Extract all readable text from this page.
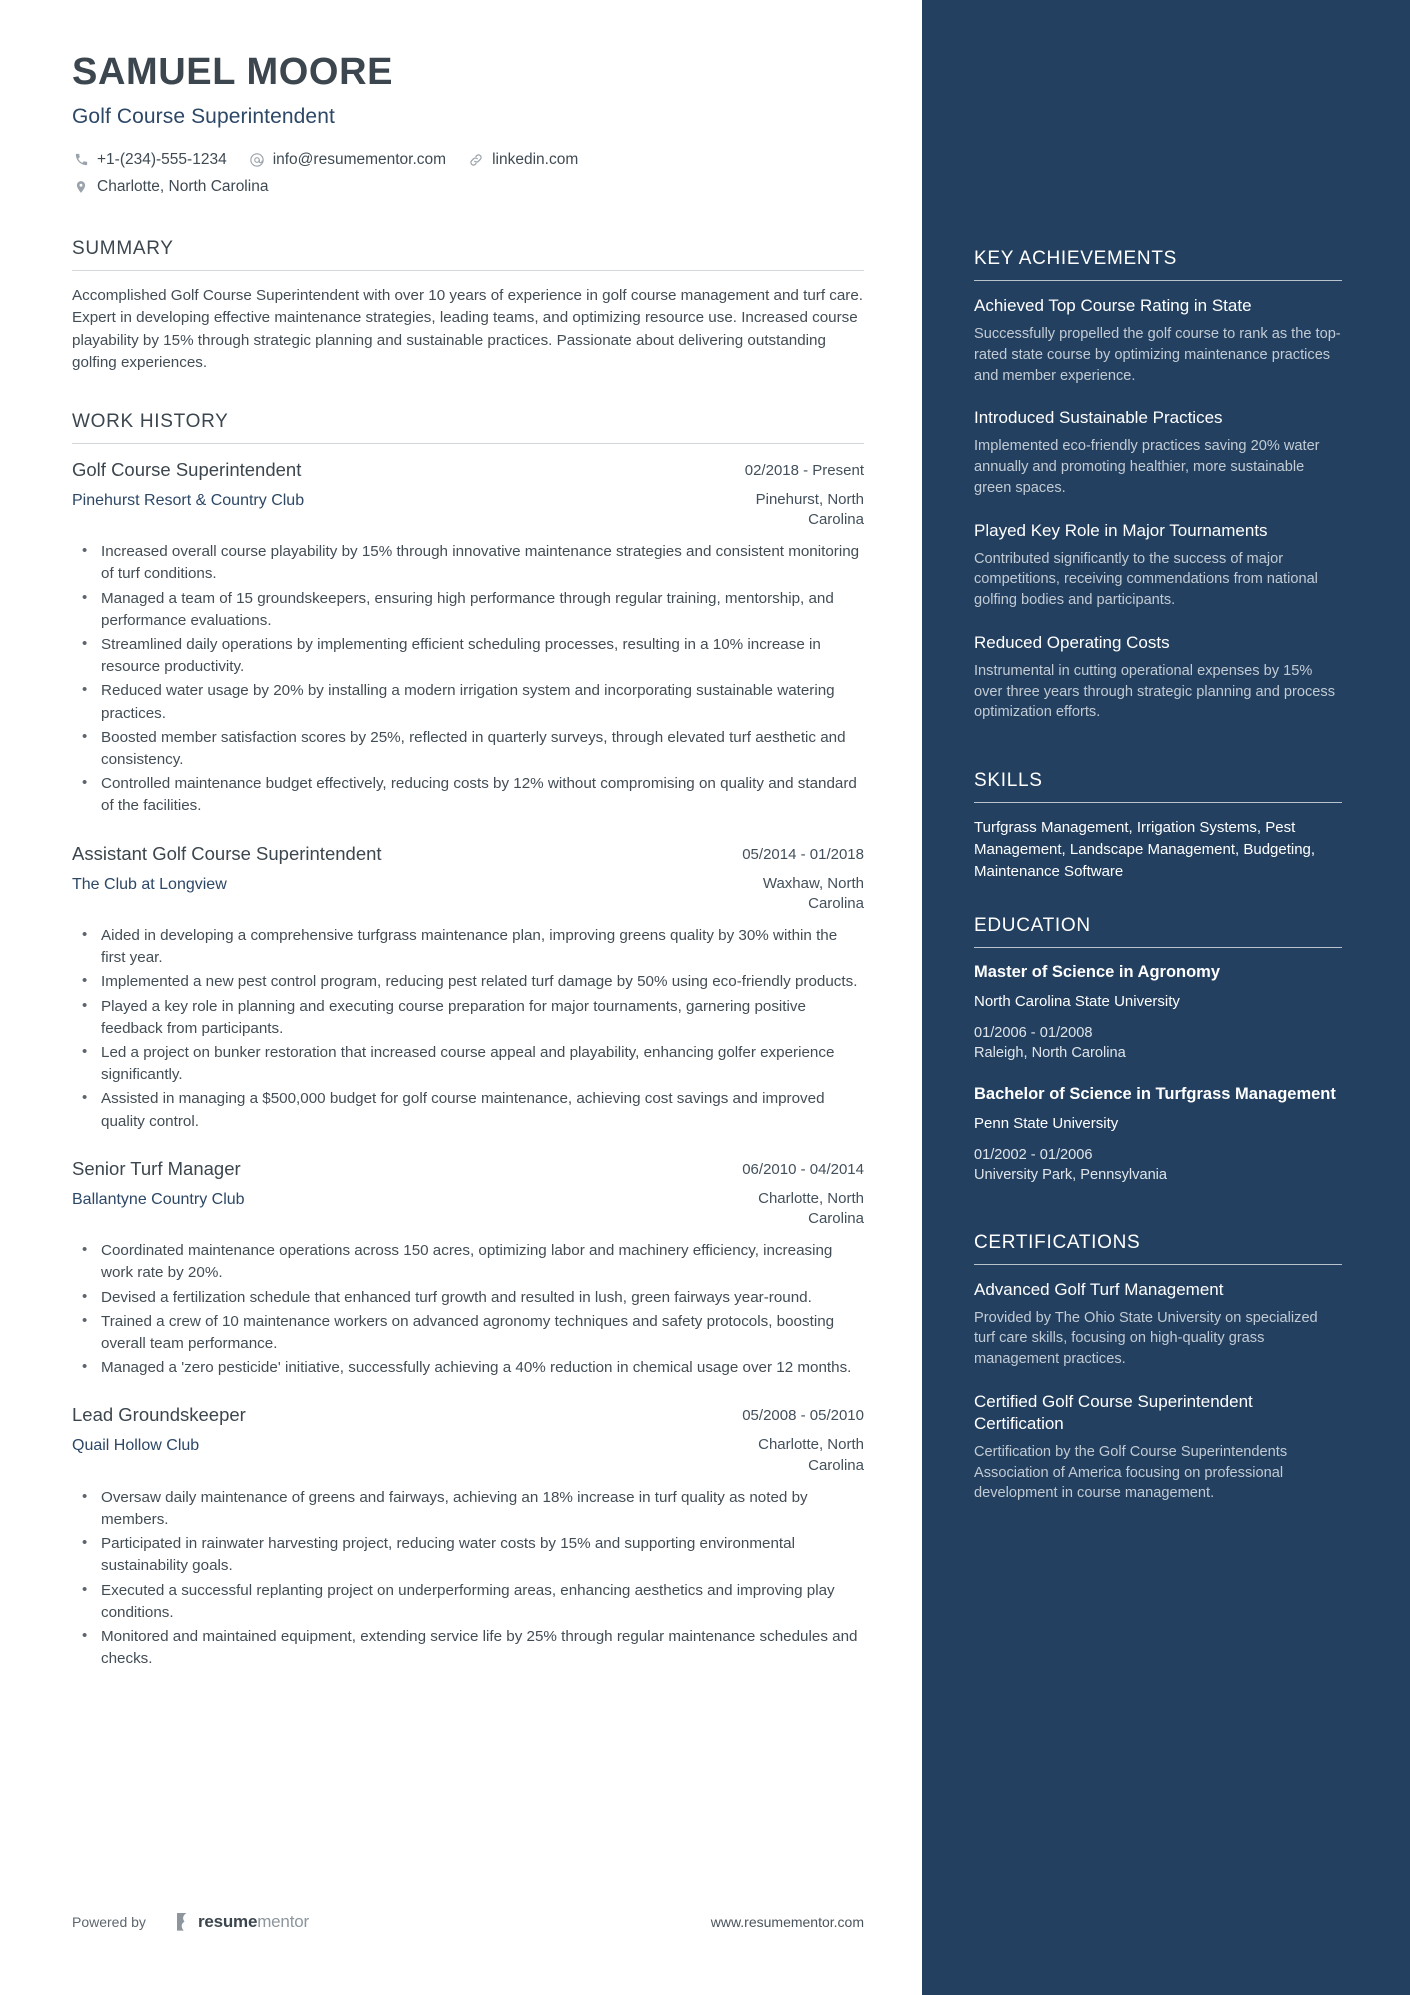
SAMUEL MOORE
Golf Course Superintendent
+1-(234)-555-1234	info@resumementor.com	linkedin.com
Charlotte, North Carolina
SUMMARY
Accomplished Golf Course Superintendent with over 10 years of experience in golf course management and turf care. Expert in developing effective maintenance strategies, leading teams, and optimizing resource use. Increased course playability by 15% through strategic planning and sustainable practices. Passionate about delivering outstanding golfing experiences.
WORK HISTORY
Golf Course Superintendent	02/2018 - Present
Pinehurst Resort & Country Club	Pinehurst, North Carolina
• Increased overall course playability by 15% through innovative maintenance strategies and consistent monitoring of turf conditions.
• Managed a team of 15 groundskeepers, ensuring high performance through regular training, mentorship, and performance evaluations.
• Streamlined daily operations by implementing efficient scheduling processes, resulting in a 10% increase in resource productivity.
• Reduced water usage by 20% by installing a modern irrigation system and incorporating sustainable watering practices.
• Boosted member satisfaction scores by 25%, reflected in quarterly surveys, through elevated turf aesthetic and consistency.
• Controlled maintenance budget effectively, reducing costs by 12% without compromising on quality and standard of the facilities.
Assistant Golf Course Superintendent	05/2014 - 01/2018
The Club at Longview	Waxhaw, North Carolina
• Aided in developing a comprehensive turfgrass maintenance plan, improving greens quality by 30% within the first year.
• Implemented a new pest control program, reducing pest related turf damage by 50% using eco-friendly products.
• Played a key role in planning and executing course preparation for major tournaments, garnering positive feedback from participants.
• Led a project on bunker restoration that increased course appeal and playability, enhancing golfer experience significantly.
• Assisted in managing a $500,000 budget for golf course maintenance, achieving cost savings and improved quality control.
Senior Turf Manager	06/2010 - 04/2014
Ballantyne Country Club	Charlotte, North Carolina
• Coordinated maintenance operations across 150 acres, optimizing labor and machinery efficiency, increasing work rate by 20%.
• Devised a fertilization schedule that enhanced turf growth and resulted in lush, green fairways year-round.
• Trained a crew of 10 maintenance workers on advanced agronomy techniques and safety protocols, boosting overall team performance.
• Managed a 'zero pesticide' initiative, successfully achieving a 40% reduction in chemical usage over 12 months.
Lead Groundskeeper	05/2008 - 05/2010
Quail Hollow Club	Charlotte, North Carolina
• Oversaw daily maintenance of greens and fairways, achieving an 18% increase in turf quality as noted by members.
• Participated in rainwater harvesting project, reducing water costs by 15% and supporting environmental sustainability goals.
• Executed a successful replanting project on underperforming areas, enhancing aesthetics and improving play conditions.
• Monitored and maintained equipment, extending service life by 25% through regular maintenance schedules and checks.
Powered by	resumementor	www.resumementor.com
KEY ACHIEVEMENTS
Achieved Top Course Rating in State
Successfully propelled the golf course to rank as the top-rated state course by optimizing maintenance practices and member experience.
Introduced Sustainable Practices
Implemented eco-friendly practices saving 20% water annually and promoting healthier, more sustainable green spaces.
Played Key Role in Major Tournaments
Contributed significantly to the success of major competitions, receiving commendations from national golfing bodies and participants.
Reduced Operating Costs
Instrumental in cutting operational expenses by 15% over three years through strategic planning and process optimization efforts.
SKILLS
Turfgrass Management, Irrigation Systems, Pest Management, Landscape Management, Budgeting, Maintenance Software
EDUCATION
Master of Science in Agronomy
North Carolina State University
01/2006 - 01/2008
Raleigh, North Carolina
Bachelor of Science in Turfgrass Management
Penn State University
01/2002 - 01/2006
University Park, Pennsylvania
CERTIFICATIONS
Advanced Golf Turf Management
Provided by The Ohio State University on specialized turf care skills, focusing on high-quality grass management practices.
Certified Golf Course Superintendent Certification
Certification by the Golf Course Superintendents Association of America focusing on professional development in course management.
